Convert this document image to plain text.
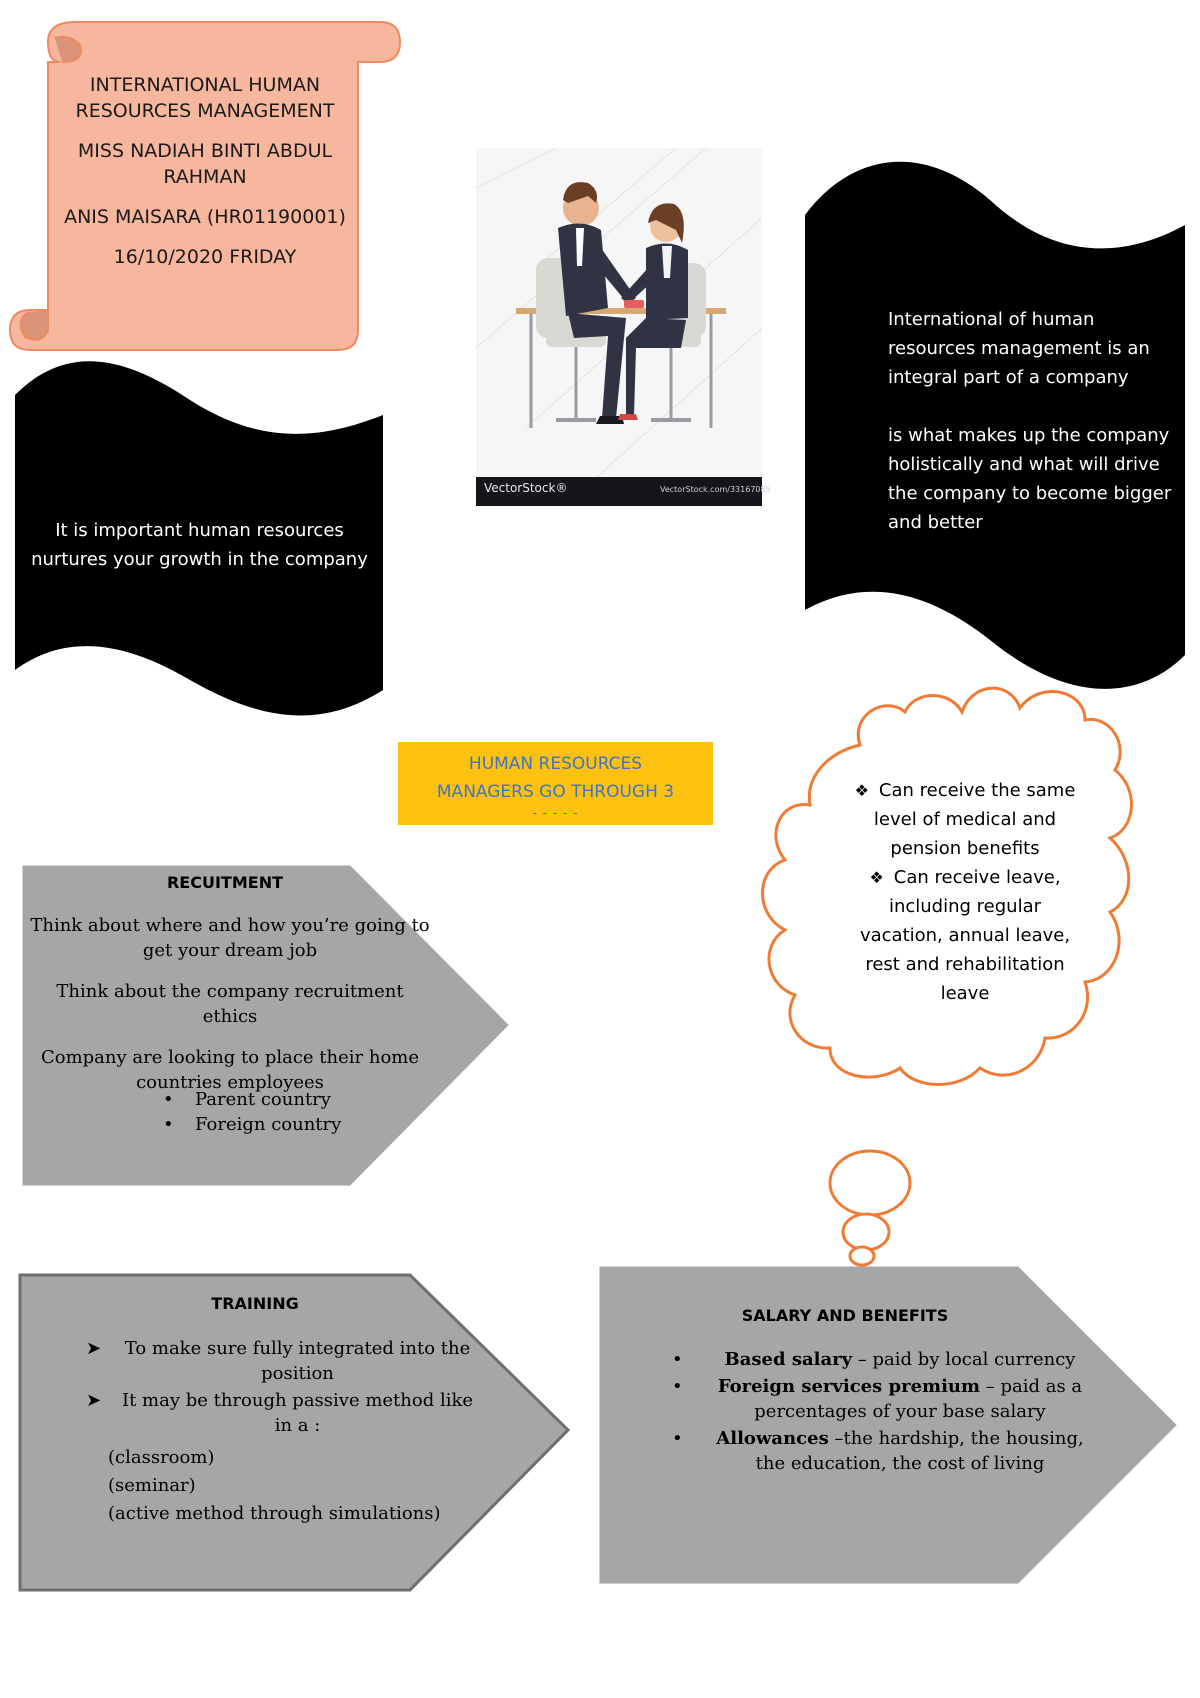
INTERNATIONAL HUMAN RESOURCES MANAGEMENT

MISS NADIAH BINTI ABDUL RAHMAN

ANIS MAISARA (HR01190001)

16/10/2020 FRIDAY

It is important human resources nurtures your growth in the company

International of human resources management is an integral part of a company

is what makes up the company holistically and what will drive the company to become bigger and better

VectorStock®	VectorStock.com/33167085
HUMAN RESOURCES
MANAGERS GO THROUGH 3
- - - - -
❖ Can receive the same level of medical and pension benefits
❖ Can receive leave, including regular vacation, annual leave, rest and rehabilitation leave
RECUITMENT

Think about where and how you’re going to get your dream job

Think about the company recruitment ethics

Company are looking to place their home countries employees

• Parent country

• Foreign country

TRAINING

➤ To make sure fully integrated into the position

➤ It may be through passive method like in a :

(classroom)
(seminar)
(active method through simulations)
SALARY AND BENEFITS

• Based salary – paid by local currency

• Foreign services premium – paid as a percentages of your base salary

• Allowances –the hardship, the housing, the education, the cost of living
